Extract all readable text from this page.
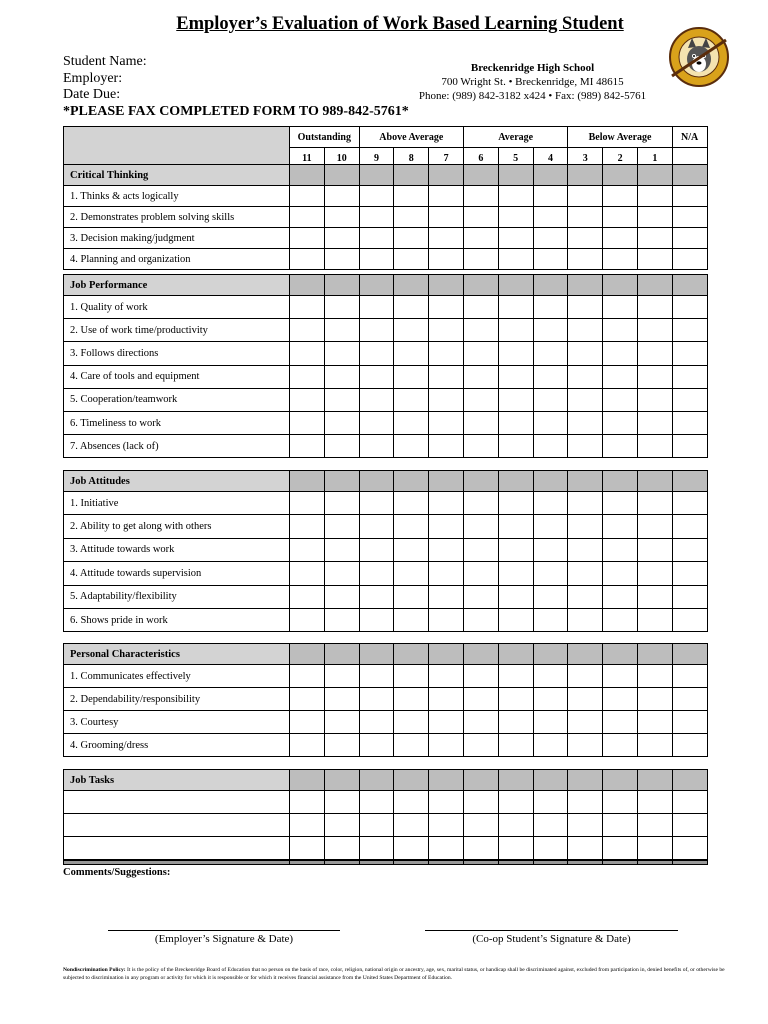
Employer’s Evaluation of Work Based Learning Student
Student Name:
Employer:
Date Due:
*PLEASE FAX COMPLETED FORM TO 989-842-5761*
Breckenridge High School
700 Wright St. • Breckenridge, MI 48615
Phone: (989) 842-3182 x424 • Fax: (989) 842-5761
	Outstanding		Above Average			Average			Below Average			N/A
	11	10	9	8	7	6	5	4	3	2	1	
Critical Thinking												
1. Thinks & acts logically												
2. Demonstrates problem solving skills												
3. Decision making/judgment												
4. Planning and organization												
Job Performance												
1. Quality of work												
2. Use of work time/productivity												
3. Follows directions												
4. Care of tools and equipment												
5. Cooperation/teamwork												
6. Timeliness to work												
7. Absences (lack of)												
Job Attitudes												
1. Initiative												
2. Ability to get along with others												
3. Attitude towards work												
4. Attitude towards supervision												
5. Adaptability/flexibility												
6. Shows pride in work												
Personal Characteristics												
1. Communicates effectively												
2. Dependability/responsibility												
3. Courtesy												
4. Grooming/dress												
Job Tasks												

Comments/Suggestions:
(Employer’s Signature & Date)	(Co-op Student’s Signature & Date)
Nondiscrimination Policy: It is the policy of the Breckenridge Board of Education that no person on the basis of race, color, religion, national origin or ancestry, age, sex, marital status, or handicap shall be discriminated against, excluded from participation in, denied benefits of, or otherwise be subjected to discrimination in any program or activity for which it is responsible or for which it receives financial assistance from the United States Department of Education.
